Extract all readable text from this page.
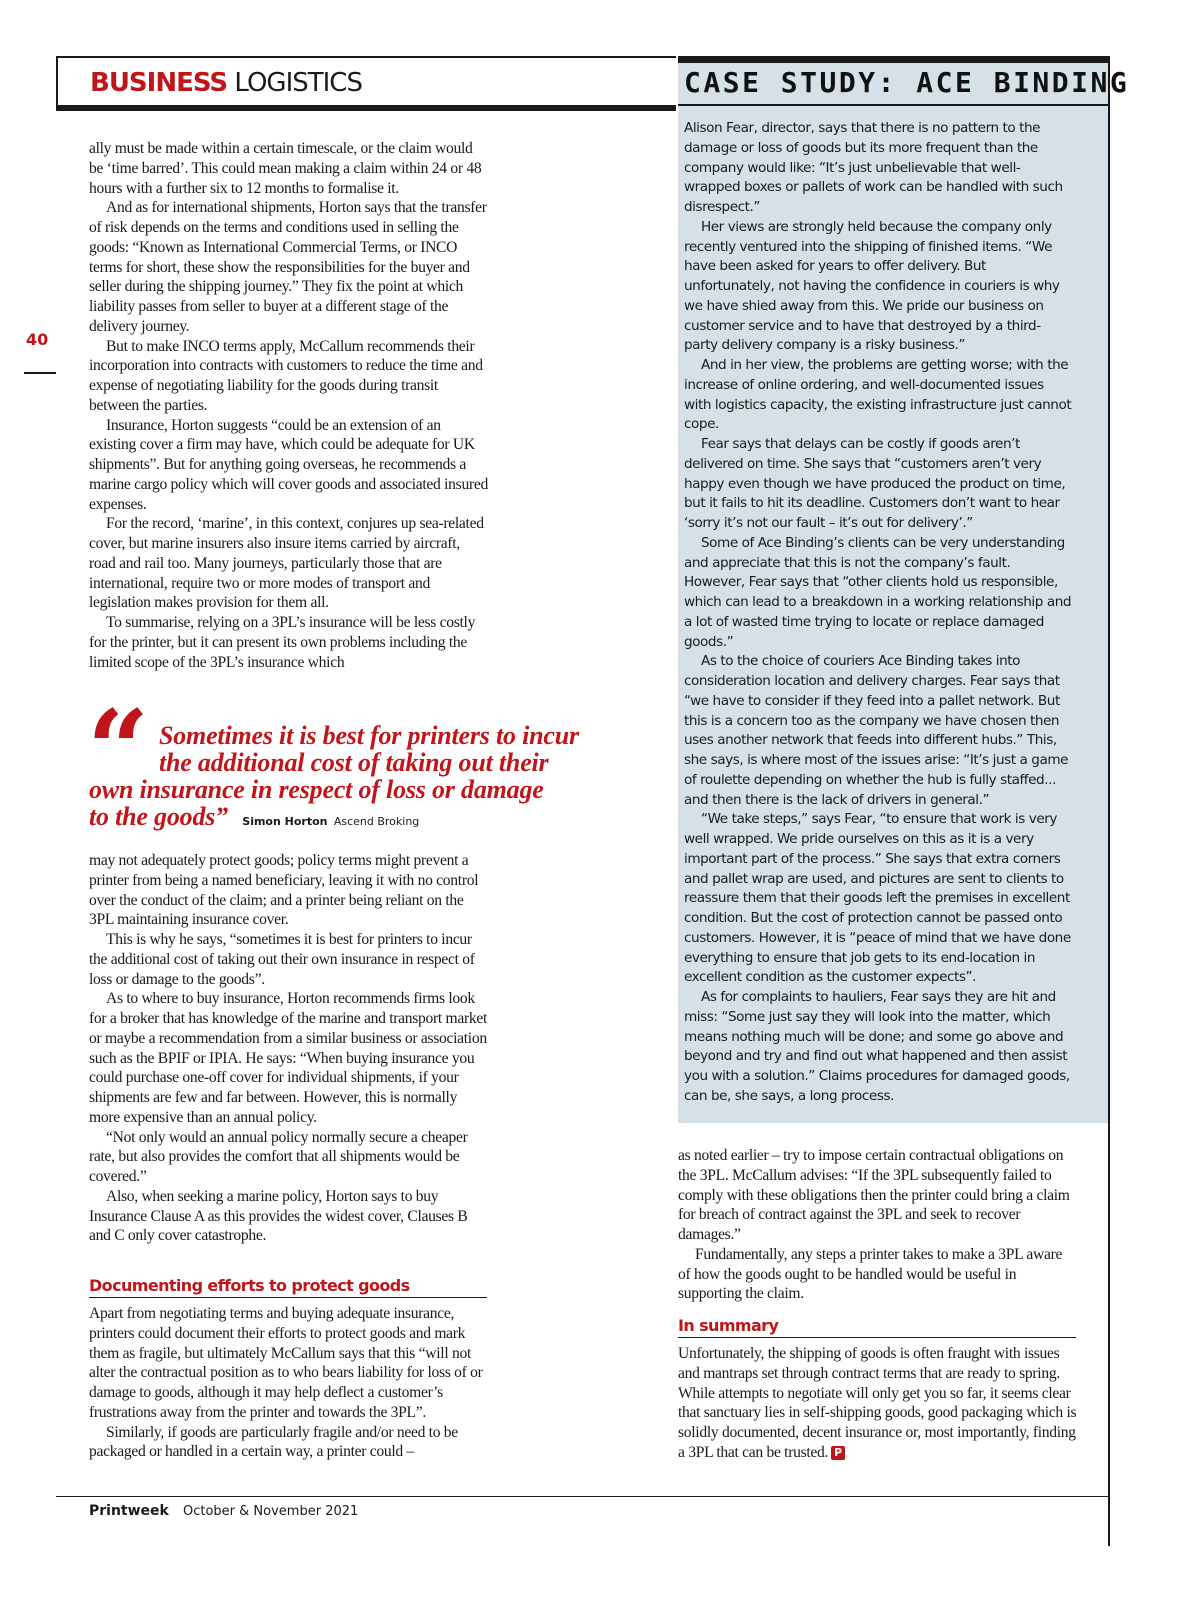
40
BUSINESS LOGISTICS

ally must be made within a certain timescale, or the claim would be ‘time barred’. This could mean making a claim within 24 or 48 hours with a further six to 12 months to formalise it.

And as for international shipments, Horton says that the transfer of risk depends on the terms and conditions used in selling the goods: “Known as International Commercial Terms, or INCO terms for short, these show the responsibilities for the buyer and seller during the shipping journey.” They fix the point at which liability passes from seller to buyer at a different stage of the delivery journey.

But to make INCO terms apply, McCallum recommends their incorporation into contracts with customers to reduce the time and expense of negotiating liability for the goods during transit between the parties.

Insurance, Horton suggests “could be an extension of an existing cover a firm may have, which could be adequate for UK shipments”. But for anything going overseas, he recommends a marine cargo policy which will cover goods and associated insured expenses.

For the record, ‘marine’, in this context, conjures up sea-related cover, but marine insurers also insure items carried by aircraft, road and rail too. Many journeys, particularly those that are international, require two or more modes of transport and legislation makes provision for them all.

To summarise, relying on a 3PL’s insurance will be less costly for the printer, but it can present its own problems including the limited scope of the 3PL’s insurance which

“ Sometimes it is best for printers to incur
the additional cost of taking out their
own insurance in respect of loss or damage
to the goods” Simon Horton Ascend Broking

may not adequately protect goods; policy terms might prevent a printer from being a named beneficiary, leaving it with no control over the conduct of the claim; and a printer being reliant on the 3PL maintaining insurance cover.

This is why he says, “sometimes it is best for printers to incur the additional cost of taking out their own insurance in respect of loss or damage to the goods”.

As to where to buy insurance, Horton recommends firms look for a broker that has knowledge of the marine and transport market or maybe a recommendation from a similar business or association such as the BPIF or IPIA. He says: “When buying insurance you could purchase one-off cover for individual shipments, if your shipments are few and far between. However, this is normally more expensive than an annual policy.

“Not only would an annual policy normally secure a cheaper rate, but also provides the comfort that all shipments would be covered.”

Also, when seeking a marine policy, Horton says to buy Insurance Clause A as this provides the widest cover, Clauses B and C only cover catastrophe.

Documenting efforts to protect goods

Apart from negotiating terms and buying adequate insurance, printers could document their efforts to protect goods and mark them as fragile, but ultimately McCallum says that this “will not alter the contractual position as to who bears liability for loss of or damage to goods, although it may help deflect a customer’s frustrations away from the printer and towards the 3PL”.

Similarly, if goods are particularly fragile and/or need to be packaged or handled in a certain way, a printer could –

CASE STUDY: ACE BINDING

Alison Fear, director, says that there is no pattern to the damage or loss of goods but its more frequent than the company would like: “It’s just unbelievable that well-wrapped boxes or pallets of work can be handled with such disrespect.”

Her views are strongly held because the company only recently ventured into the shipping of finished items. “We have been asked for years to offer delivery. But unfortunately, not having the confidence in couriers is why we have shied away from this. We pride our business on customer service and to have that destroyed by a third-party delivery company is a risky business.”

And in her view, the problems are getting worse; with the increase of online ordering, and well-documented issues with logistics capacity, the existing infrastructure just cannot cope.

Fear says that delays can be costly if goods aren’t delivered on time. She says that “customers aren’t very happy even though we have produced the product on time, but it fails to hit its deadline. Customers don’t want to hear ‘sorry it’s not our fault – it’s out for delivery’.”

Some of Ace Binding’s clients can be very understanding and appreciate that this is not the company’s fault. However, Fear says that “other clients hold us responsible, which can lead to a breakdown in a working relationship and a lot of wasted time trying to locate or replace damaged goods.”

As to the choice of couriers Ace Binding takes into consideration location and delivery charges. Fear says that “we have to consider if they feed into a pallet network. But this is a concern too as the company we have chosen then uses another network that feeds into different hubs.” This, she says, is where most of the issues arise: “It’s just a game of roulette depending on whether the hub is fully staffed... and then there is the lack of drivers in general.”

“We take steps,” says Fear, “to ensure that work is very well wrapped. We pride ourselves on this as it is a very important part of the process.” She says that extra corners and pallet wrap are used, and pictures are sent to clients to reassure them that their goods left the premises in excellent condition. But the cost of protection cannot be passed onto customers. However, it is “peace of mind that we have done everything to ensure that job gets to its end-location in excellent condition as the customer expects”.

As for complaints to hauliers, Fear says they are hit and miss: “Some just say they will look into the matter, which means nothing much will be done; and some go above and beyond and try and find out what happened and then assist you with a solution.” Claims procedures for damaged goods, can be, she says, a long process.

as noted earlier – try to impose certain contractual obligations on the 3PL. McCallum advises: “If the 3PL subsequently failed to comply with these obligations then the printer could bring a claim for breach of contract against the 3PL and seek to recover damages.”

Fundamentally, any steps a printer takes to make a 3PL aware of how the goods ought to be handled would be useful in supporting the claim.

In summary

Unfortunately, the shipping of goods is often fraught with issues and mantraps set through contract terms that are ready to spring. While attempts to negotiate will only get you so far, it seems clear that sanctuary lies in self-shipping goods, good packaging which is solidly documented, decent insurance or, most importantly, finding a 3PL that can be trusted. P

Printweek October & November 2021
